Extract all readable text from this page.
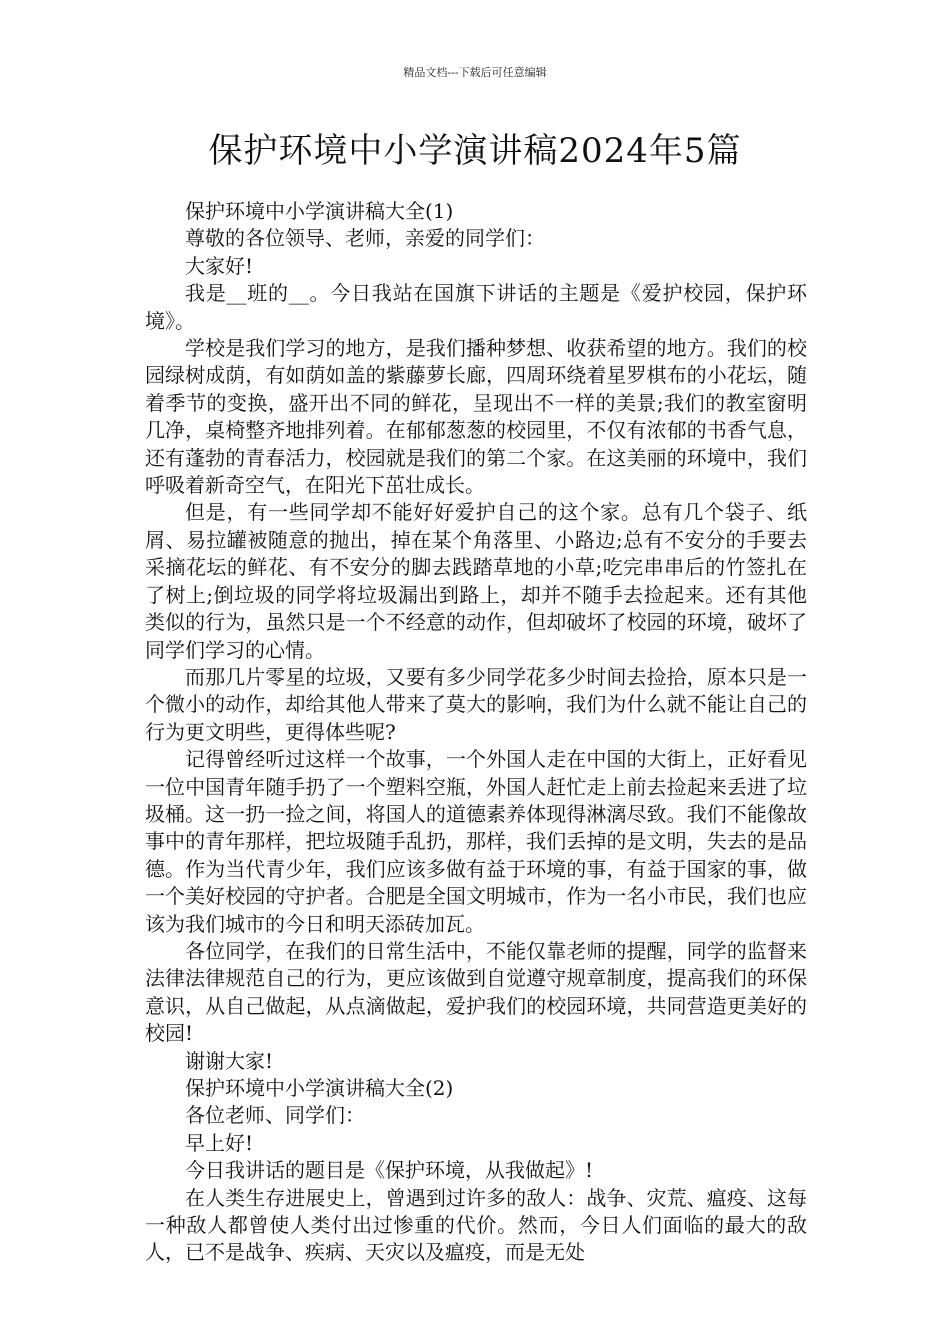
精品文档---下载后可任意编辑
保护环境中小学演讲稿2024年5篇

保护环境中小学演讲稿大全(1)

尊敬的各位领导、老师，亲爱的同学们：

大家好!

我是__班的__。今日我站在国旗下讲话的主题是《爱护校园，保护环境》。

学校是我们学习的地方，是我们播种梦想、收获希望的地方。我们的校园绿树成荫，有如荫如盖的紫藤萝长廊，四周环绕着星罗棋布的小花坛，随着季节的变换，盛开出不同的鲜花，呈现出不一样的美景;我们的教室窗明几净，桌椅整齐地排列着。在郁郁葱葱的校园里，不仅有浓郁的书香气息，还有蓬勃的青春活力，校园就是我们的第二个家。在这美丽的环境中，我们呼吸着新奇空气，在阳光下茁壮成长。

但是，有一些同学却不能好好爱护自己的这个家。总有几个袋子、纸屑、易拉罐被随意的抛出，掉在某个角落里、小路边;总有不安分的手要去采摘花坛的鲜花、有不安分的脚去践踏草地的小草;吃完串串后的竹签扎在了树上;倒垃圾的同学将垃圾漏出到路上，却并不随手去捡起来。还有其他类似的行为，虽然只是一个不经意的动作，但却破坏了校园的环境，破坏了同学们学习的心情。

而那几片零星的垃圾，又要有多少同学花多少时间去捡拾，原本只是一个微小的动作，却给其他人带来了莫大的影响，我们为什么就不能让自己的行为更文明些，更得体些呢?

记得曾经听过这样一个故事，一个外国人走在中国的大街上，正好看见一位中国青年随手扔了一个塑料空瓶，外国人赶忙走上前去捡起来丢进了垃圾桶。这一扔一捡之间，将国人的道德素养体现得淋漓尽致。我们不能像故事中的青年那样，把垃圾随手乱扔，那样，我们丢掉的是文明，失去的是品德。作为当代青少年，我们应该多做有益于环境的事，有益于国家的事，做一个美好校园的守护者。合肥是全国文明城市，作为一名小市民，我们也应该为我们城市的今日和明天添砖加瓦。

各位同学，在我们的日常生活中，不能仅靠老师的提醒，同学的监督来法律法律规范自己的行为，更应该做到自觉遵守规章制度，提高我们的环保意识，从自己做起，从点滴做起，爱护我们的校园环境，共同营造更美好的校园!

谢谢大家!

保护环境中小学演讲稿大全(2)

各位老师、同学们：

早上好!

今日我讲话的题目是《保护环境，从我做起》!

在人类生存进展史上，曾遇到过许多的敌人：战争、灾荒、瘟疫、这每一种敌人都曾使人类付出过惨重的代价。然而，今日人们面临的最大的敌人，已不是战争、疾病、天灾以及瘟疫，而是无处
